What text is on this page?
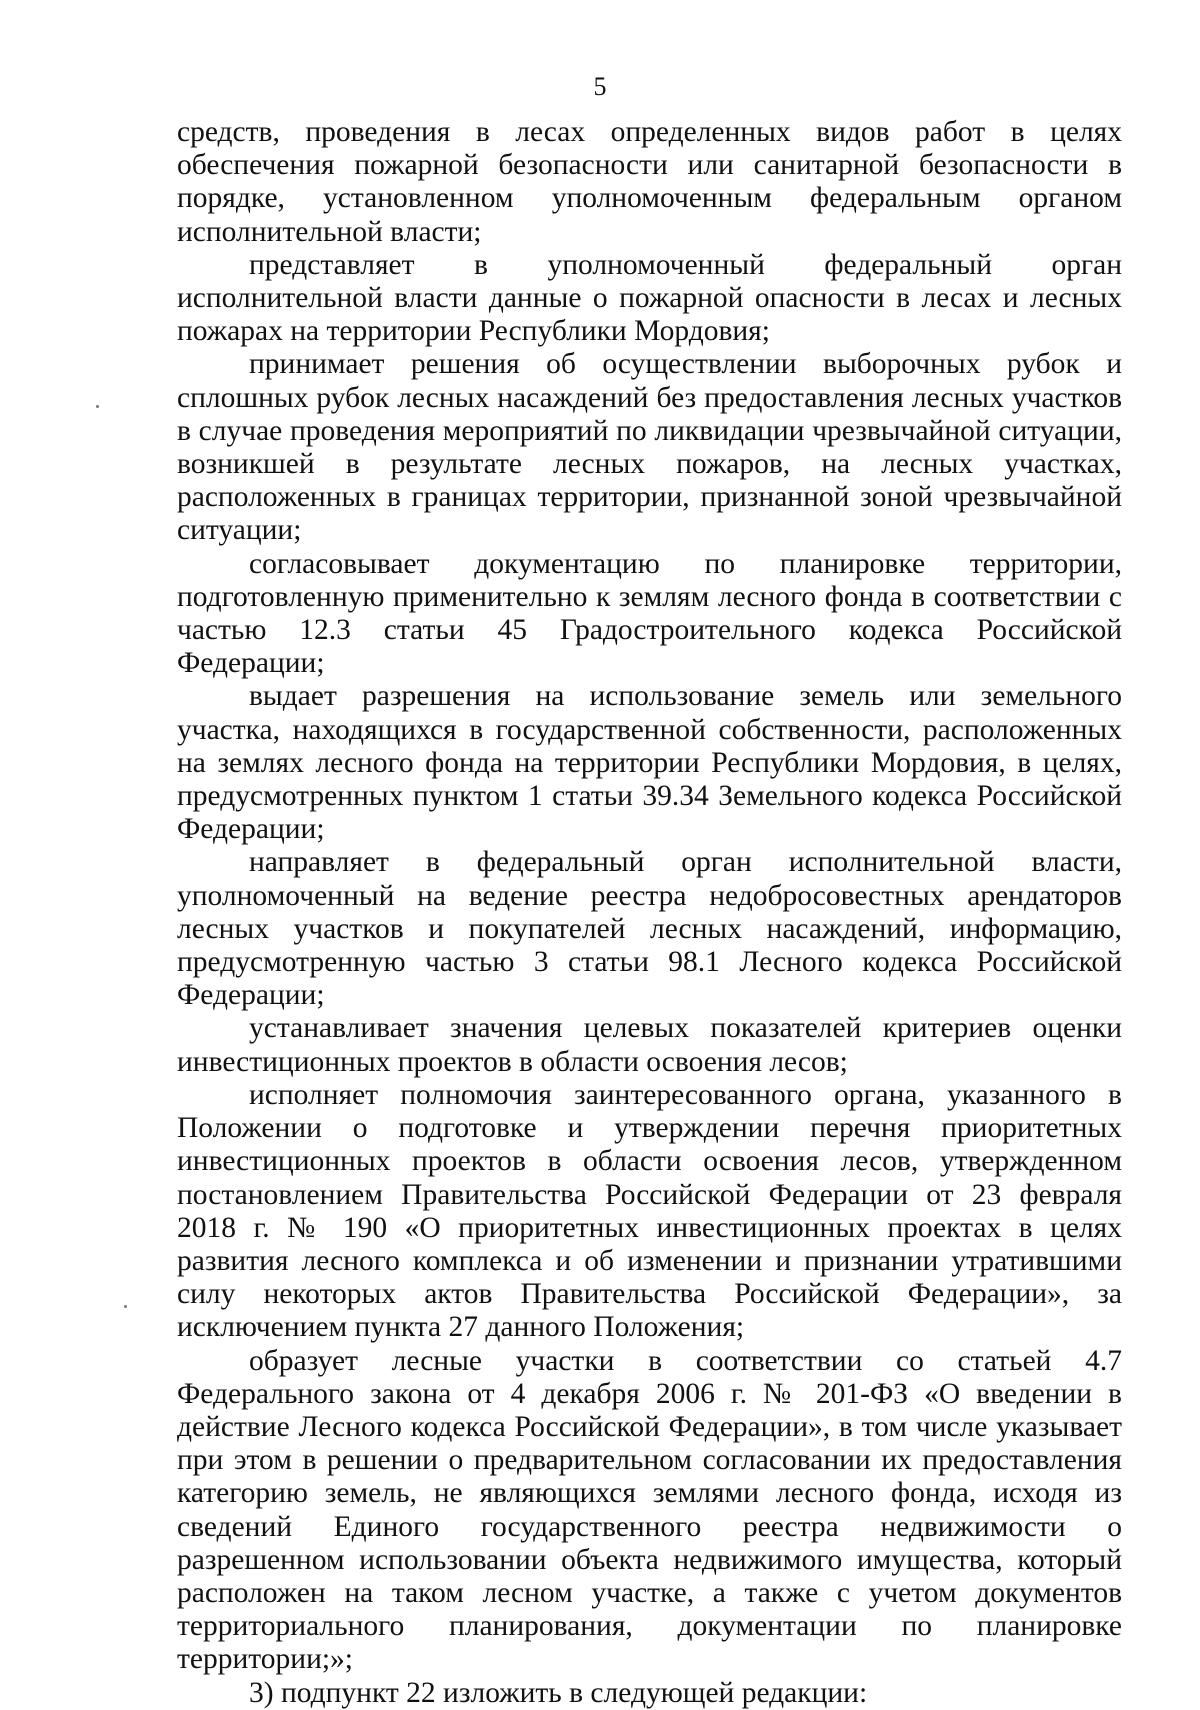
5

средств, проведения в лесах определенных видов работ в целях обеспечения пожарной безопасности или санитарной безопасности в порядке, установленном уполномоченным федеральным органом исполнительной власти;

представляет в уполномоченный федеральный орган исполнительной власти данные о пожарной опасности в лесах и лесных пожарах на территории Республики Мордовия;

принимает решения об осуществлении выборочных рубок и сплошных рубок лесных насаждений без предоставления лесных участков в случае проведения мероприятий по ликвидации чрезвычайной ситуации, возникшей в результате лесных пожаров, на лесных участках, расположенных в границах территории, признанной зоной чрезвычайной ситуации;

согласовывает документацию по планировке территории, подготовленную применительно к землям лесного фонда в соответствии с частью 12.3 статьи 45 Градостроительного кодекса Российской Федерации;

выдает разрешения на использование земель или земельного участка, находящихся в государственной собственности, расположенных на землях лесного фонда на территории Республики Мордовия, в целях, предусмотренных пунктом 1 статьи 39.34 Земельного кодекса Российской Федерации;

направляет в федеральный орган исполнительной власти, уполномоченный на ведение реестра недобросовестных арендаторов лесных участков и покупателей лесных насаждений, информацию, предусмотренную частью 3 статьи 98.1 Лесного кодекса Российской Федерации;

устанавливает значения целевых показателей критериев оценки инвестиционных проектов в области освоения лесов;

исполняет полномочия заинтересованного органа, указанного в Положении о подготовке и утверждении перечня приоритетных инвестиционных проектов в области освоения лесов, утвержденном постановлением Правительства Российской Федерации от 23 февраля 2018 г. № 190 «О приоритетных инвестиционных проектах в целях развития лесного комплекса и об изменении и признании утратившими силу некоторых актов Правительства Российской Федерации», за исключением пункта 27 данного Положения;

образует лесные участки в соответствии со статьей 4.7 Федерального закона от 4 декабря 2006 г. № 201-ФЗ «О введении в действие Лесного кодекса Российской Федерации», в том числе указывает при этом в решении о предварительном согласовании их предоставления категорию земель, не являющихся землями лесного фонда, исходя из сведений Единого государственного реестра недвижимости о разрешенном использовании объекта недвижимого имущества, который расположен на таком лесном участке, а также с учетом документов территориального планирования, документации по планировке территории;»;

3) подпункт 22 изложить в следующей редакции:
